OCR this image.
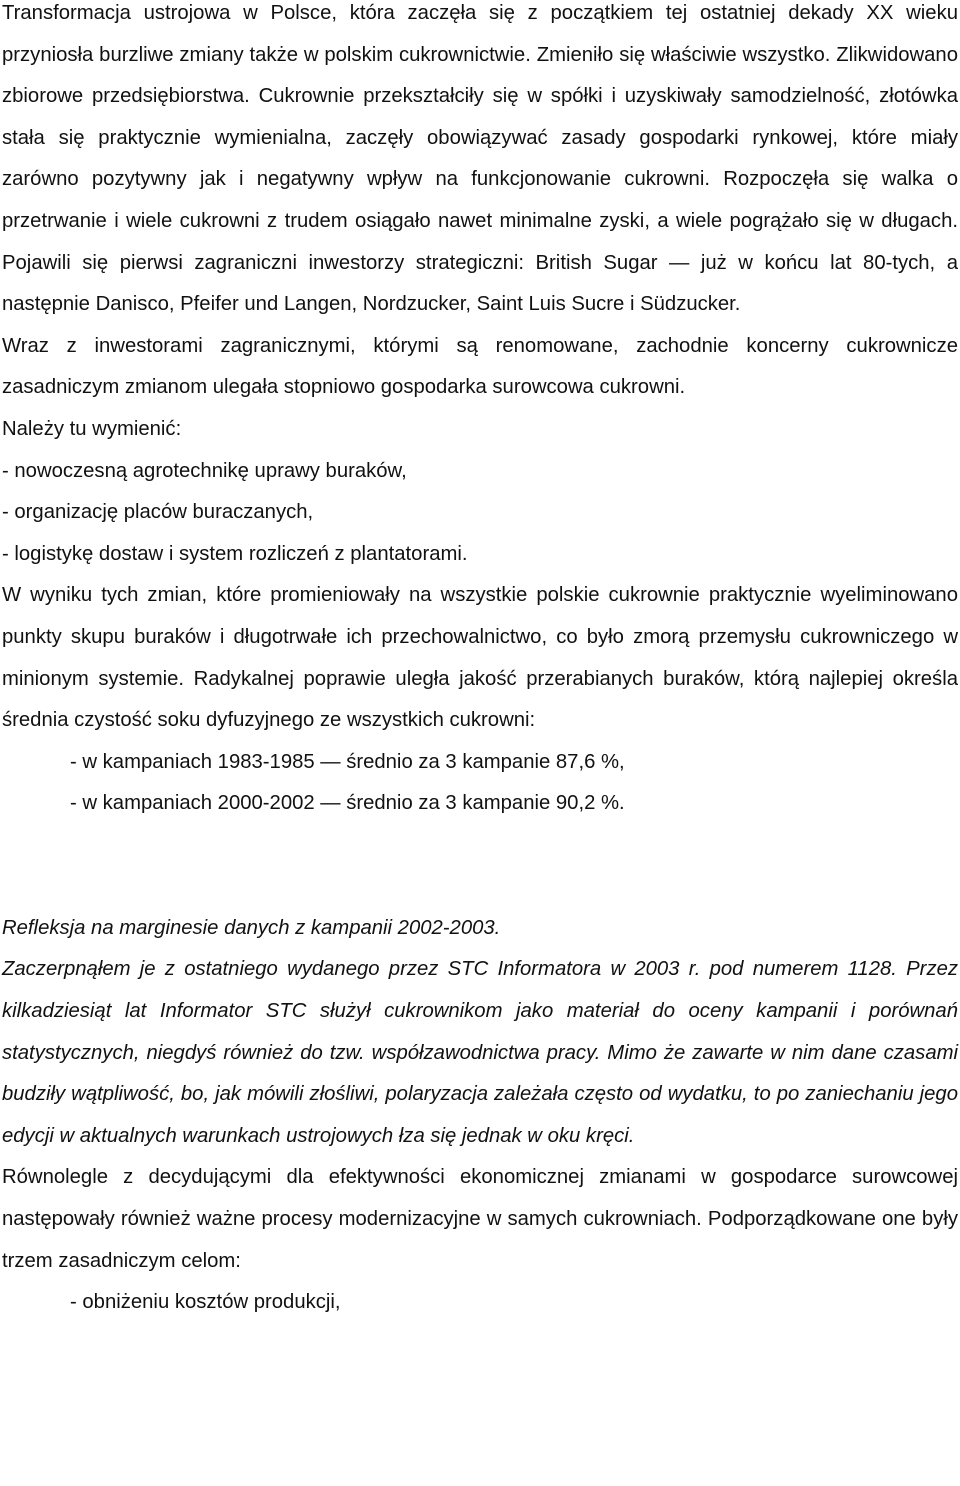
Transformacja ustrojowa w Polsce, która zaczęła się z początkiem tej ostatniej dekady XX wieku przyniosła burzliwe zmiany także w polskim cukrownictwie. Zmieniło się właściwie wszystko. Zlikwidowano zbiorowe przedsiębiorstwa. Cukrownie przekształciły się w spółki i uzyskiwały samodzielność, złotówka stała się praktycznie wymienialna, zaczęły obowiązywać zasady gospodarki rynkowej, które miały zarówno pozytywny jak i negatywny wpływ na funkcjonowanie cukrowni. Rozpoczęła się walka o przetrwanie i wiele cukrowni z trudem osiągało nawet minimalne zyski, a wiele pogrążało się w długach. Pojawili się pierwsi zagraniczni inwestorzy strategiczni: British Sugar — już w końcu lat 80-tych, a następnie Danisco, Pfeifer und Langen, Nordzucker, Saint Luis Sucre i Südzucker.

Wraz z inwestorami zagranicznymi, którymi są renomowane, zachodnie koncerny cukrownicze zasadniczym zmianom ulegała stopniowo gospodarka surowcowa cukrowni.

Należy tu wymienić:

- nowoczesną agrotechnikę uprawy buraków,

- organizację placów buraczanych,

- logistykę dostaw i system rozliczeń z plantatorami.

W wyniku tych zmian, które promieniowały na wszystkie polskie cukrownie praktycznie wyeliminowano punkty skupu buraków i długotrwałe ich przechowalnictwo, co było zmorą przemysłu cukrowniczego w minionym systemie. Radykalnej poprawie uległa jakość przerabianych buraków, którą najlepiej określa średnia czystość soku dyfuzyjnego ze wszystkich cukrowni:

- w kampaniach 1983-1985 — średnio za 3 kampanie 87,6 %,

- w kampaniach 2000-2002 — średnio za 3 kampanie 90,2 %.

Refleksja na marginesie danych z kampanii 2002-2003.

Zaczerpnąłem je z ostatniego wydanego przez STC Informatora w 2003 r. pod numerem 1128. Przez kilkadziesiąt lat Informator STC służył cukrownikom jako materiał do oceny kampanii i porównań statystycznych, niegdyś również do tzw. współzawodnictwa pracy. Mimo że zawarte w nim dane czasami budziły wątpliwość, bo, jak mówili złośliwi, polaryzacja zależała często od wydatku, to po zaniechaniu jego edycji w aktualnych warunkach ustrojowych łza się jednak w oku kręci.

Równolegle z decydującymi dla efektywności ekonomicznej zmianami w gospodarce surowcowej następowały również ważne procesy modernizacyjne w samych cukrowniach. Podporządkowane one były trzem zasadniczym celom:

- obniżeniu kosztów produkcji,
